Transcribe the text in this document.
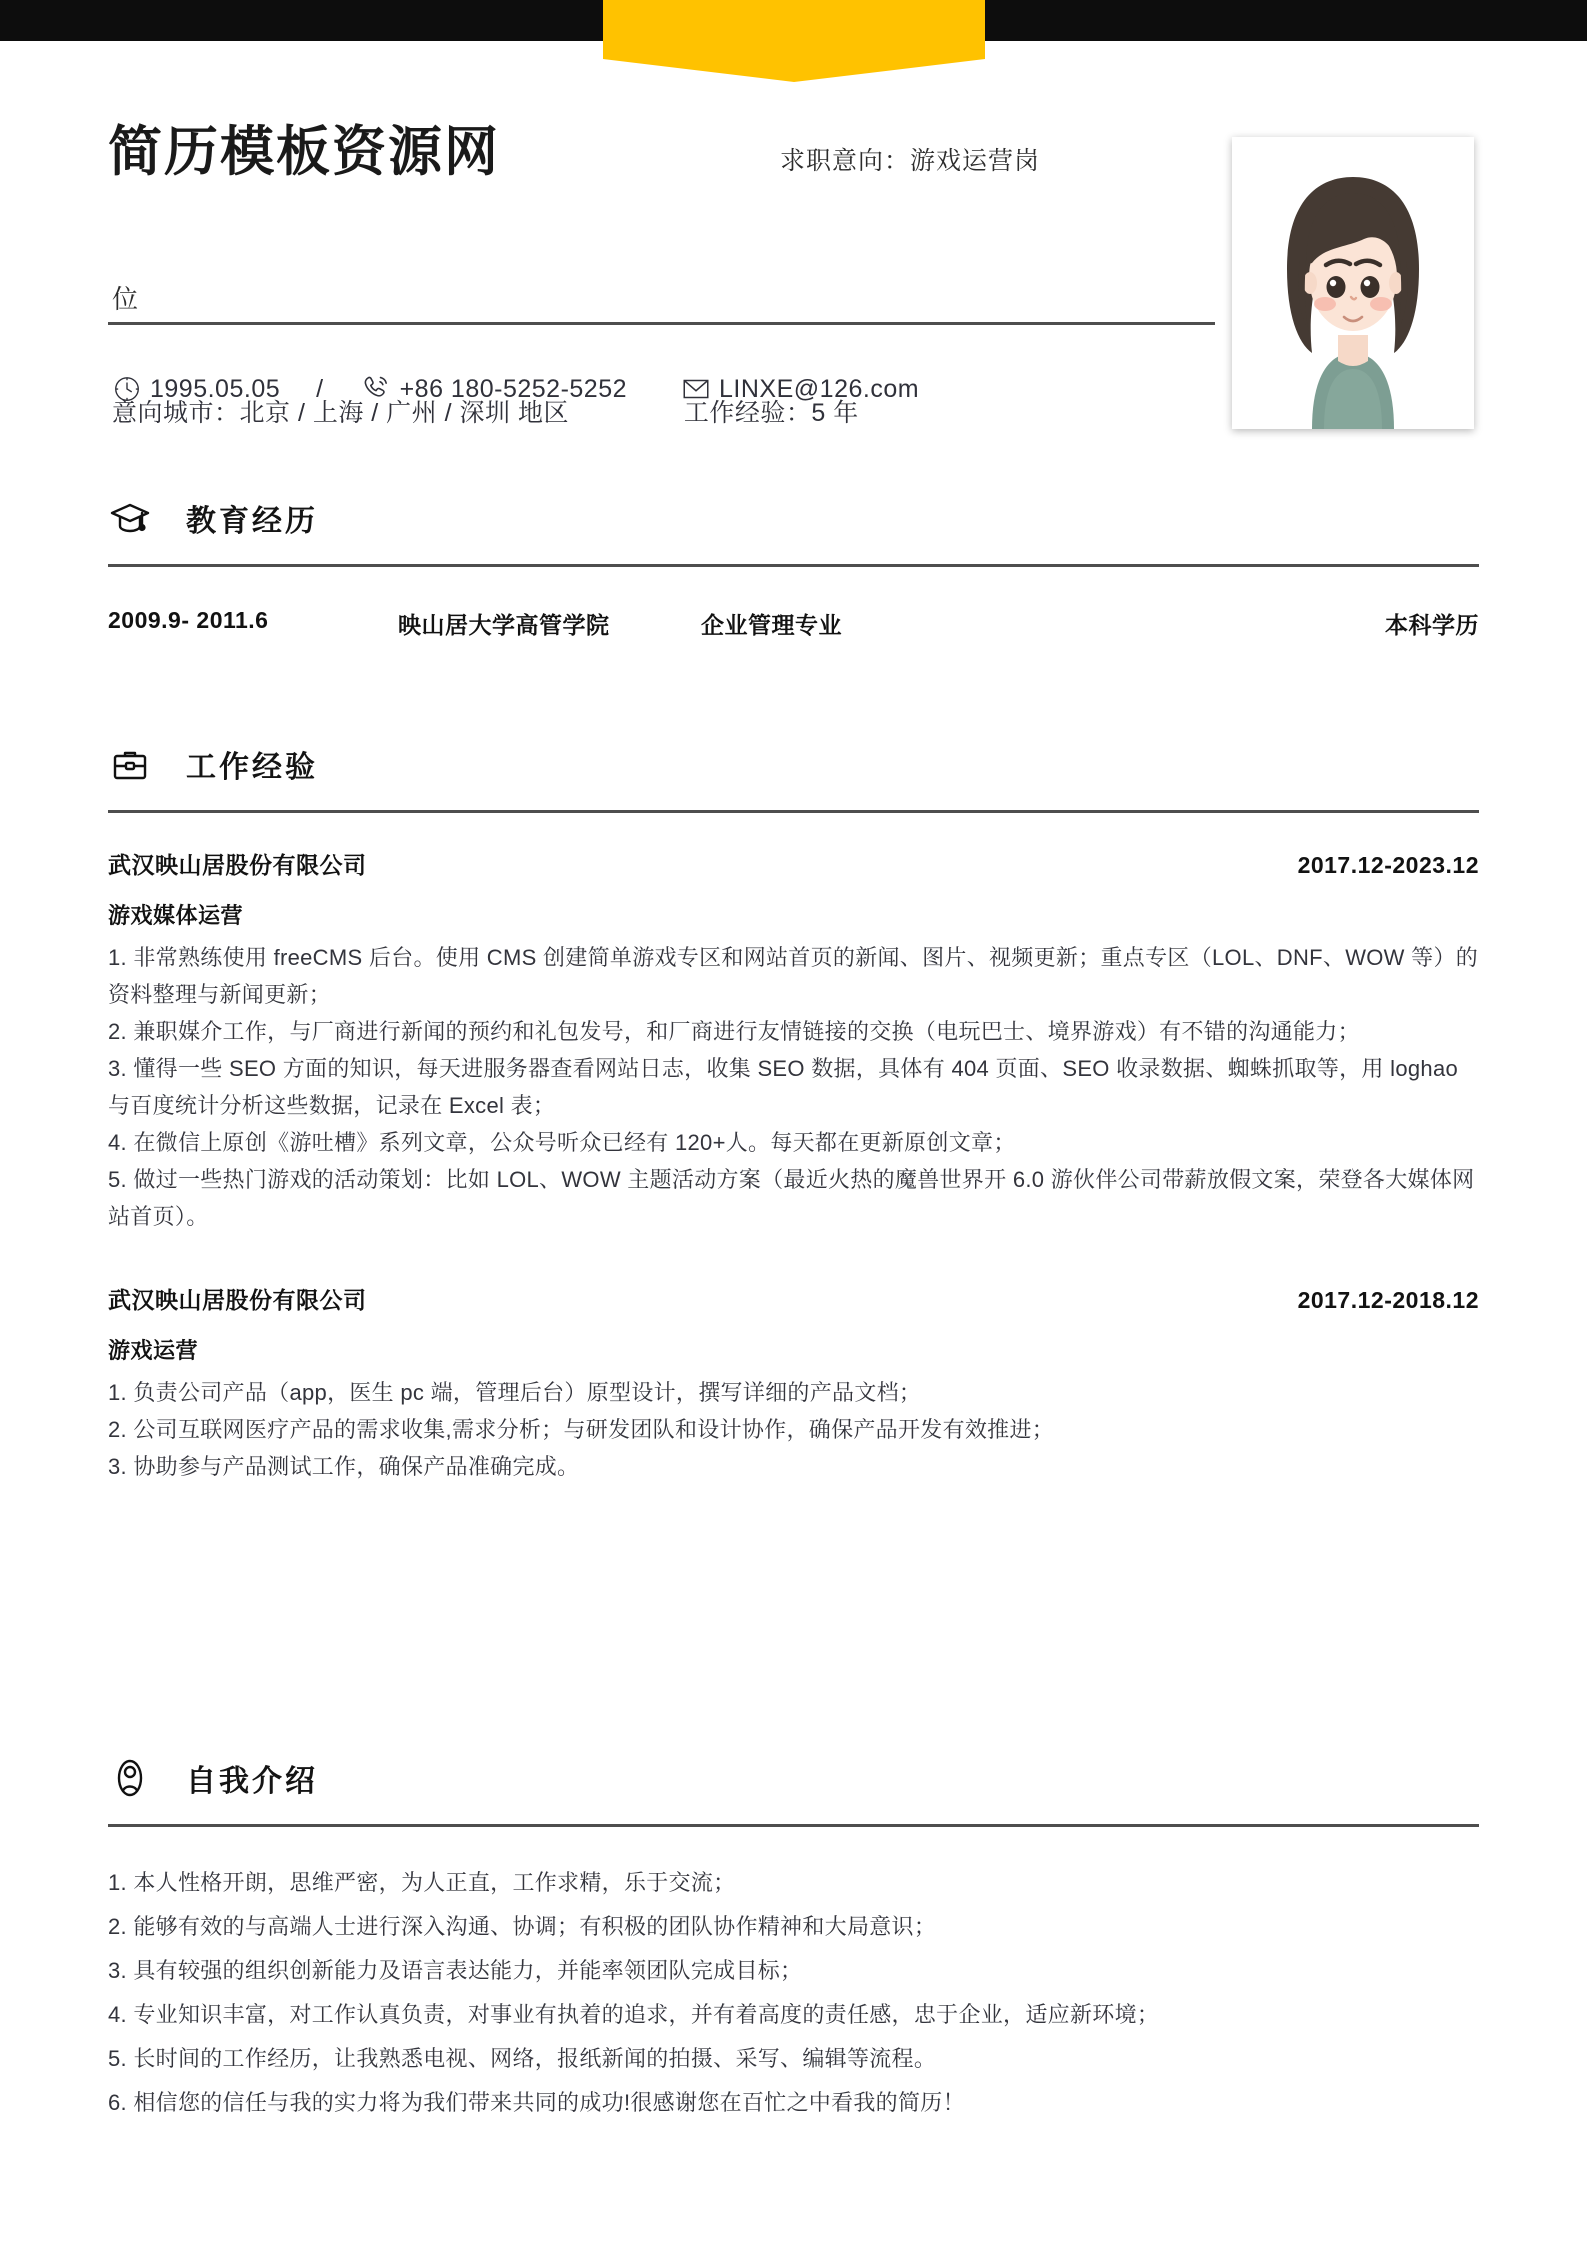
简历模板资源网	求职意向：游戏运营岗
位
1995.05.05 /	+86 180-5252-5252	LINXE@126.com
意向城市：北京 / 上海 / 广州 / 深圳 地区	工作经验：5 年
教育经历
2009.9- 2011.6	映山居大学高管学院	企业管理专业	本科学历
工作经验
武汉映山居股份有限公司	2017.12-2023.12
游戏媒体运营
1. 非常熟练使用 freeCMS 后台。使用 CMS 创建简单游戏专区和网站首页的新闻、图片、视频更新；重点专区（LOL、DNF、WOW 等）的资料整理与新闻更新；
2. 兼职媒介工作，与厂商进行新闻的预约和礼包发号，和厂商进行友情链接的交换（电玩巴士、境界游戏）有不错的沟通能力；
3. 懂得一些 SEO 方面的知识，每天进服务器查看网站日志，收集 SEO 数据，具体有 404 页面、SEO 收录数据、蜘蛛抓取等，用 loghao 与百度统计分析这些数据，记录在 Excel 表；
4. 在微信上原创《游吐槽》系列文章，公众号听众已经有 120+人。每天都在更新原创文章；
5. 做过一些热门游戏的活动策划：比如 LOL、WOW 主题活动方案（最近火热的魔兽世界开 6.0 游伙伴公司带薪放假文案，荣登各大媒体网站首页）。
武汉映山居股份有限公司	2017.12-2018.12
游戏运营
1. 负责公司产品（app，医生 pc 端，管理后台）原型设计，撰写详细的产品文档；
2. 公司互联网医疗产品的需求收集,需求分析；与研发团队和设计协作，确保产品开发有效推进；
3. 协助参与产品测试工作，确保产品准确完成。
自我介绍
1. 本人性格开朗，思维严密，为人正直，工作求精，乐于交流；
2. 能够有效的与高端人士进行深入沟通、协调；有积极的团队协作精神和大局意识；
3. 具有较强的组织创新能力及语言表达能力，并能率领团队完成目标；
4. 专业知识丰富，对工作认真负责，对事业有执着的追求，并有着高度的责任感，忠于企业，适应新环境；
5. 长时间的工作经历，让我熟悉电视、网络，报纸新闻的拍摄、采写、编辑等流程。
6. 相信您的信任与我的实力将为我们带来共同的成功!很感谢您在百忙之中看我的简历！
